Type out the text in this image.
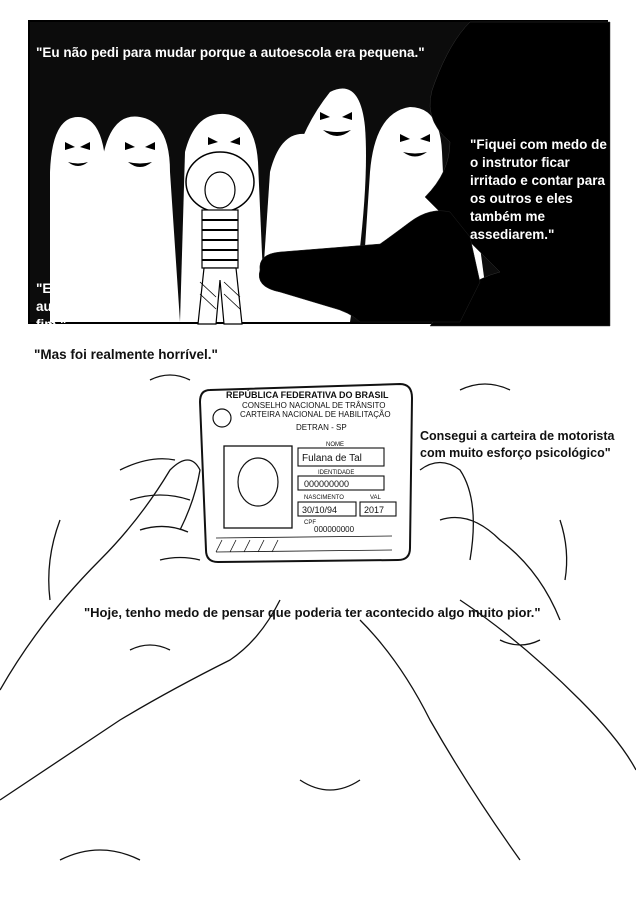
"Eu não pedi para mudar porque a autoescola era pequena."
"Fiquei com medo de o instrutor ficar irritado e contar para os outros e eles também me assediarem."
"Então, eu fiz as aulas com ele até o fim."
"Mas foi realmente horrível."
REPÚBLICA FEDERATIVA DO BRASIL
CONSELHO NACIONAL DE TRÂNSITO
CARTEIRA NACIONAL DE HABILITAÇÃO
DETRAN - SP
NOME
Fulana de Tal
IDENTIDADE
000000000
NASCIMENTO	VAL
30/10/94	2017
CPF
000000000
Consegui a carteira de motorista com muito esforço psicológico"
"Hoje, tenho medo de pensar que poderia ter acontecido algo muito pior."
